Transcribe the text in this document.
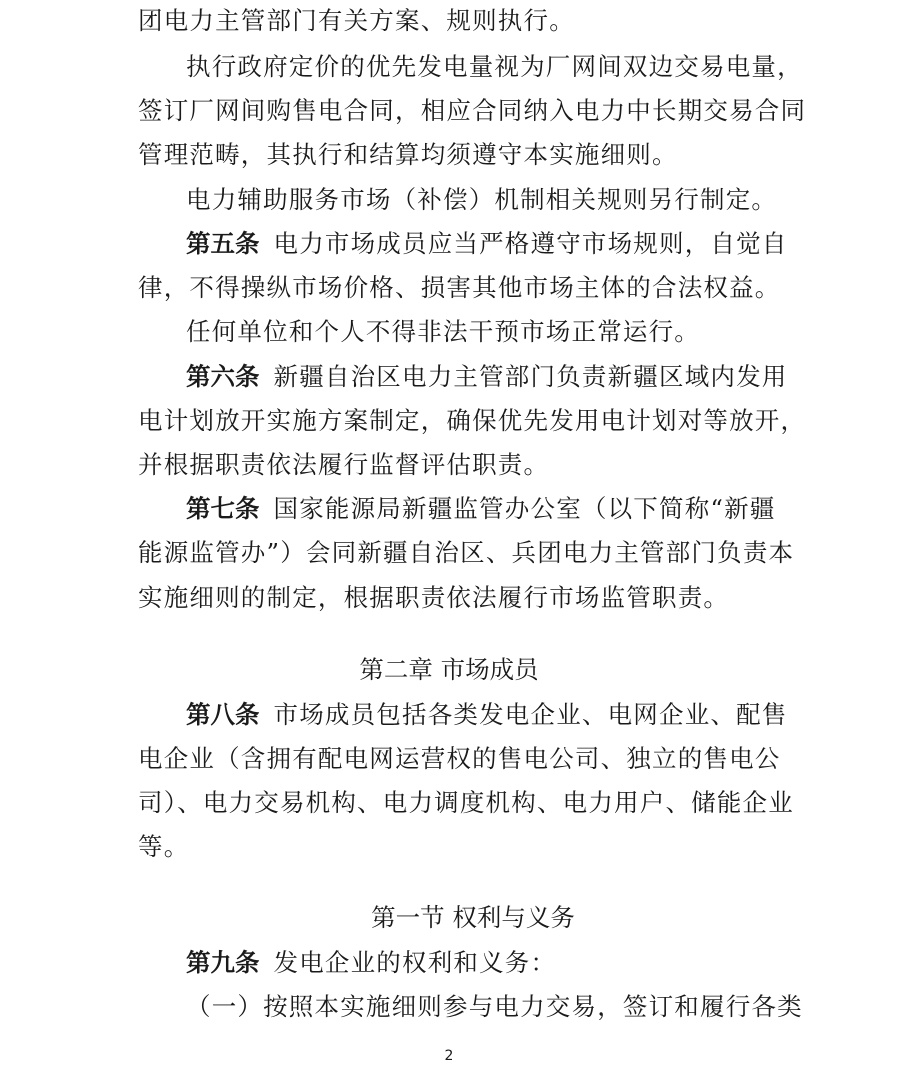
团电力主管部门有关方案、规则执行。
执行政府定价的优先发电量视为厂网间双边交易电量，
签订厂网间购售电合同，相应合同纳入电力中长期交易合同
管理范畴，其执行和结算均须遵守本实施细则。
电力辅助服务市场（补偿）机制相关规则另行制定。
第五条 电力市场成员应当严格遵守市场规则，自觉自
律，不得操纵市场价格、损害其他市场主体的合法权益。
任何单位和个人不得非法干预市场正常运行。
第六条 新疆自治区电力主管部门负责新疆区域内发用
电计划放开实施方案制定，确保优先发用电计划对等放开，
并根据职责依法履行监督评估职责。
第七条 国家能源局新疆监管办公室（以下简称“新疆
能源监管办”）会同新疆自治区、兵团电力主管部门负责本
实施细则的制定，根据职责依法履行市场监管职责。
第二章 市场成员
第八条 市场成员包括各类发电企业、电网企业、配售
电企业（含拥有配电网运营权的售电公司、独立的售电公
司）、电力交易机构、电力调度机构、电力用户、储能企业
等。
第一节 权利与义务
第九条 发电企业的权利和义务：
（一）按照本实施细则参与电力交易，签订和履行各类
2
